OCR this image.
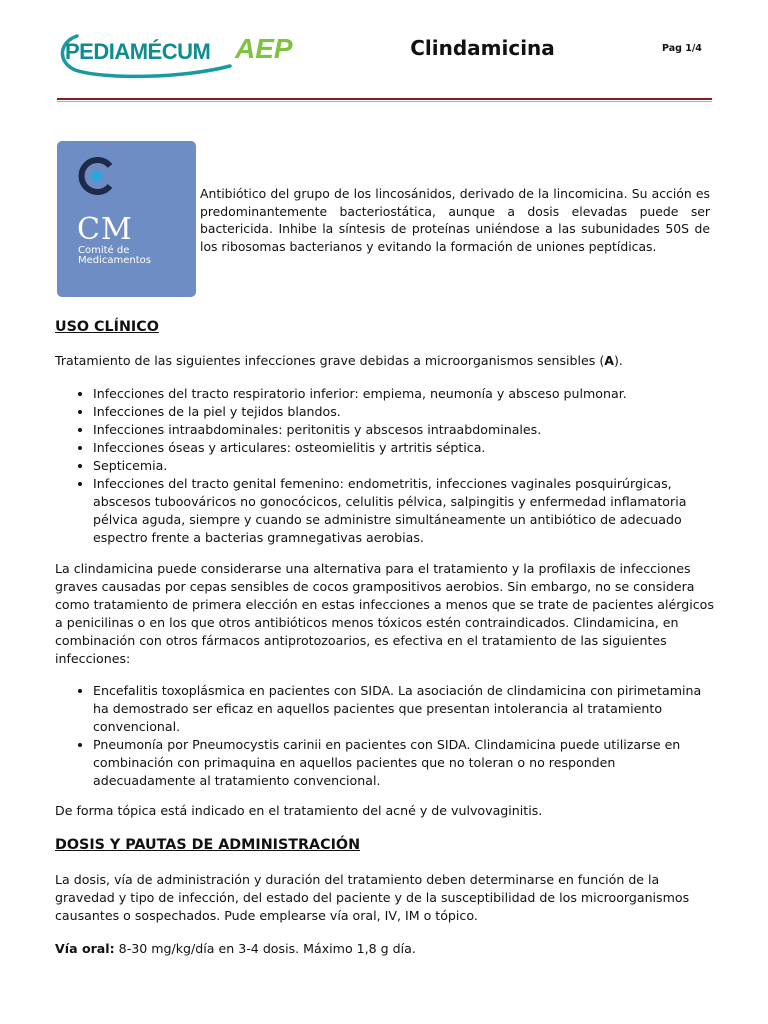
PEDIAMÉCUM AEP	Clindamicina	Pag 1/4
CM
Comité de
Medicamentos

Antibiótico del grupo de los lincosánidos, derivado de la lincomicina. Su acción es predominantemente bacteriostática, aunque a dosis elevadas puede ser bactericida. Inhibe la síntesis de proteínas uniéndose a las subunidades 50S de los ribosomas bacterianos y evitando la formación de uniones peptídicas.

USO CLÍNICO

Tratamiento de las siguientes infecciones grave debidas a microorganismos sensibles (A).

• Infecciones del tracto respiratorio inferior: empiema, neumonía y absceso pulmonar.
• Infecciones de la piel y tejidos blandos.
• Infecciones intraabdominales: peritonitis y abscesos intraabdominales.
• Infecciones óseas y articulares: osteomielitis y artritis séptica.
• Septicemia.
• Infecciones del tracto genital femenino: endometritis, infecciones vaginales posquirúrgicas, abscesos tuboováricos no gonocócicos, celulitis pélvica, salpingitis y enfermedad inflamatoria pélvica aguda, siempre y cuando se administre simultáneamente un antibiótico de adecuado espectro frente a bacterias gramnegativas aerobias.

La clindamicina puede considerarse una alternativa para el tratamiento y la profilaxis de infecciones graves causadas por cepas sensibles de cocos grampositivos aerobios. Sin embargo, no se considera como tratamiento de primera elección en estas infecciones a menos que se trate de pacientes alérgicos a penicilinas o en los que otros antibióticos menos tóxicos estén contraindicados. Clindamicina, en combinación con otros fármacos antiprotozoarios, es efectiva en el tratamiento de las siguientes infecciones:

• Encefalitis toxoplásmica en pacientes con SIDA. La asociación de clindamicina con pirimetamina ha demostrado ser eficaz en aquellos pacientes que presentan intolerancia al tratamiento convencional.
• Pneumonía por Pneumocystis carinii en pacientes con SIDA. Clindamicina puede utilizarse en combinación con primaquina en aquellos pacientes que no toleran o no responden adecuadamente al tratamiento convencional.

De forma tópica está indicado en el tratamiento del acné y de vulvovaginitis.

DOSIS Y PAUTAS DE ADMINISTRACIÓN

La dosis, vía de administración y duración del tratamiento deben determinarse en función de la gravedad y tipo de infección, del estado del paciente y de la susceptibilidad de los microorganismos causantes o sospechados. Pude emplearse vía oral, IV, IM o tópico.

Vía oral: 8-30 mg/kg/día en 3-4 dosis. Máximo 1,8 g día.
